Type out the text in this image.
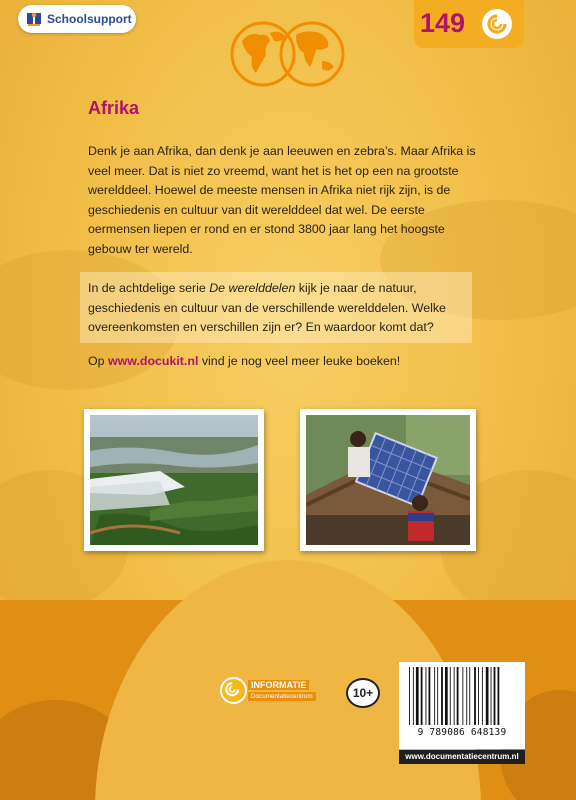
Schoolsupport	149
Afrika
Denk je aan Afrika, dan denk je aan leeuwen en zebra’s. Maar Afrika is veel meer. Dat is niet zo vreemd, want het is het op een na grootste werelddeel. Hoewel de meeste mensen in Afrika niet rijk zijn, is de geschiedenis en cultuur van dit werelddeel dat wel. De eerste oermensen liepen er rond en er stond 3800 jaar lang het hoogste gebouw ter wereld.
In de achtdelige serie De werelddelen kijk je naar de natuur, geschiedenis en cultuur van de verschillende werelddelen. Welke overeenkomsten en verschillen zijn er? En waardoor komt dat?
Op www.docukit.nl vind je nog veel meer leuke boeken!
INFORMATIE
Documentatiecentrum	10+
9 789086 648139
www.documentatiecentrum.nl
